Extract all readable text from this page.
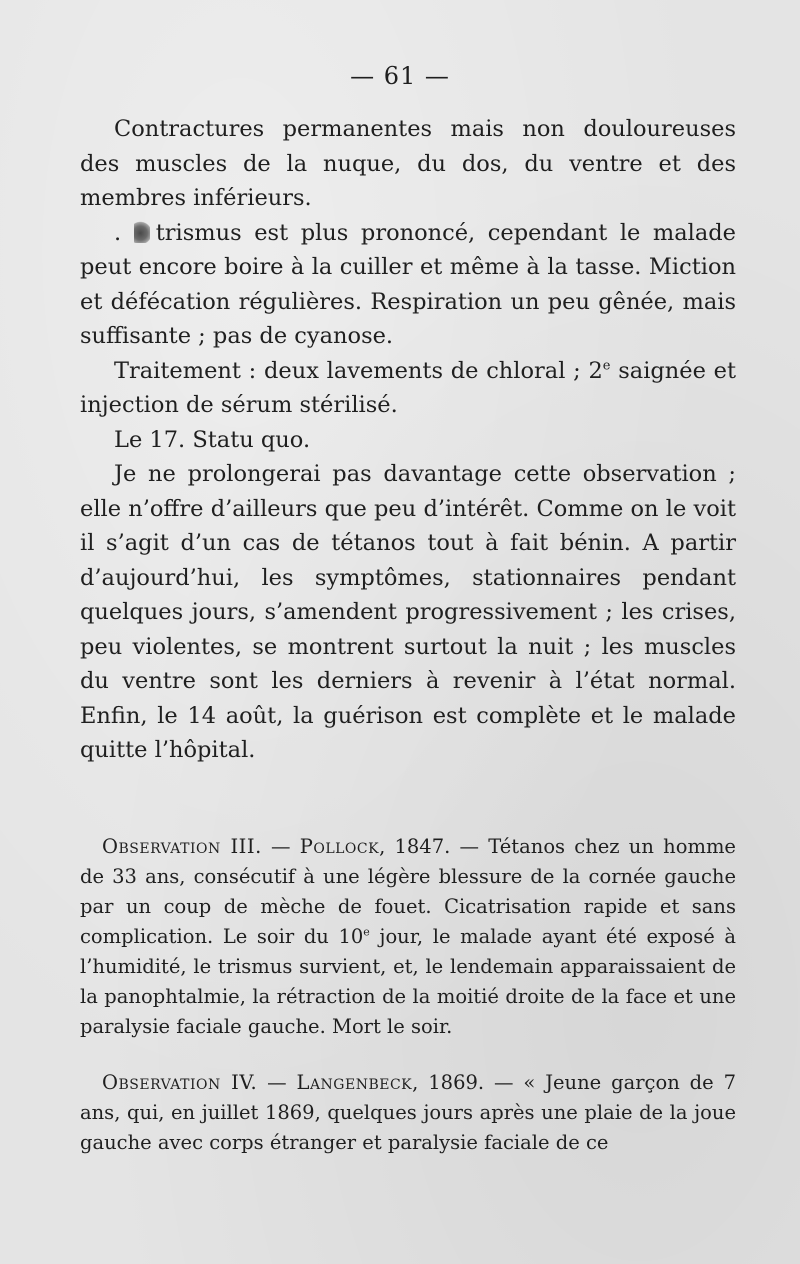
— 61 —

Contractures permanentes mais non douloureuses des muscles de la nuque, du dos, du ventre et des membres inférieurs.

. trismus est plus prononcé, cependant le malade peut encore boire à la cuiller et même à la tasse. Miction et défécation régulières. Respiration un peu gênée, mais suffisante ; pas de cyanose.

Traitement : deux lavements de chloral ; 2e saignée et injection de sérum stérilisé.

Le 17. Statu quo.

Je ne prolongerai pas davantage cette observation ; elle n’offre d’ailleurs que peu d’intérêt. Comme on le voit il s’agit d’un cas de tétanos tout à fait bénin. A partir d’aujourd’hui, les symptômes, stationnaires pendant quelques jours, s’amendent progressivement ; les crises, peu violentes, se montrent surtout la nuit ; les muscles du ventre sont les derniers à revenir à l’état normal. Enfin, le 14 août, la guérison est complète et le malade quitte l’hôpital.

Observation III. — Pollock, 1847. — Tétanos chez un homme de 33 ans, consécutif à une légère blessure de la cornée gauche par un coup de mèche de fouet. Cicatrisation rapide et sans complication. Le soir du 10e jour, le malade ayant été exposé à l’humidité, le trismus survient, et, le lendemain apparaissaient de la panophtalmie, la rétraction de la moitié droite de la face et une paralysie faciale gauche. Mort le soir.

Observation IV. — Langenbeck, 1869. — « Jeune garçon de 7 ans, qui, en juillet 1869, quelques jours après une plaie de la joue gauche avec corps étranger et paralysie faciale de ce
